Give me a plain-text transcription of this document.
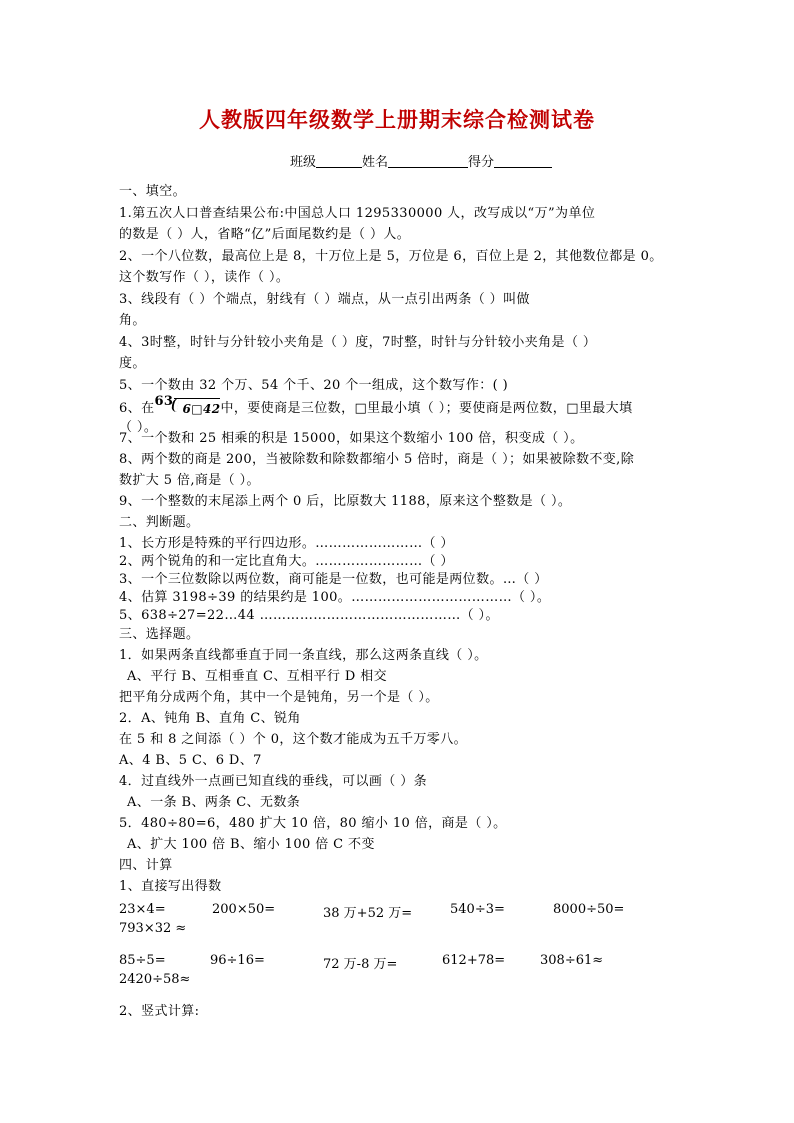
人教版四年级数学上册期末综合检测试卷
班级	姓名	得分
一、填空。
1.第五次人口普查结果公布:中国总人口 1295330000 人，改写成以“万”为单位
的数是（ ）人，省略“亿”后面尾数约是（ ）人。
2、一个八位数，最高位上是 8，十万位上是 5，万位是 6，百位上是 2，其他数位都是 0。
这个数写作（ ），读作（ ）。
3、线段有（ ）个端点，射线有（ ）端点，从一点引出两条（ ）叫做
角。
4、3时整，时针与分针较小夹角是（ ）度，7时整，时针与分针较小夹角是（ ）
度。
5、一个数由 32 个万、54 个千、20 个一组成，这个数写作：( )
6、在 63 6□42 中，要使商是三位数，□里最小填（ ）；要使商是两位数，□里最大填
（ ）。
7、一个数和 25 相乘的积是 15000，如果这个数缩小 100 倍，积变成（ ）。
8、两个数的商是 200，当被除数和除数都缩小 5 倍时，商是（ ）；如果被除数不变,除
数扩大 5 倍,商是（ ）。
9、一个整数的末尾添上两个 0 后，比原数大 1188，原来这个整数是（ ）。
二、判断题。
1、长方形是特殊的平行四边形。……………………（ ）
2、两个锐角的和一定比直角大。……………………（ ）
3、一个三位数除以两位数，商可能是一位数，也可能是两位数。…（ ）
4、估算 3198÷39 的结果约是 100。………………………………（ ）。
5、638÷27=22…44 ………………………………………（ ）。
三、选择题。
1．如果两条直线都垂直于同一条直线，那么这两条直线（ ）。
A、平行 B、互相垂直 C、互相平行 D 相交
把平角分成两个角，其中一个是钝角，另一个是（ ）。
2．A、钝角 B、直角 C、锐角
在 5 和 8 之间添（ ）个 0，这个数才能成为五千万零八。
A、4 B、5 C、6 D、7
4．过直线外一点画已知直线的垂线，可以画（ ）条
A、一条 B、两条 C、无数条
5．480÷80=6，480 扩大 10 倍，80 缩小 10 倍，商是（ ）。
A、扩大 100 倍 B、缩小 100 倍 C 不变
四、计算
1、直接写出得数
23×4=	200×50=	38 万+52 万=	540÷3=	8000÷50=
793×32 ≈
85÷5=	96÷16=	72 万-8 万=	612+78=	308÷61≈
2420÷58≈
2、竖式计算:
